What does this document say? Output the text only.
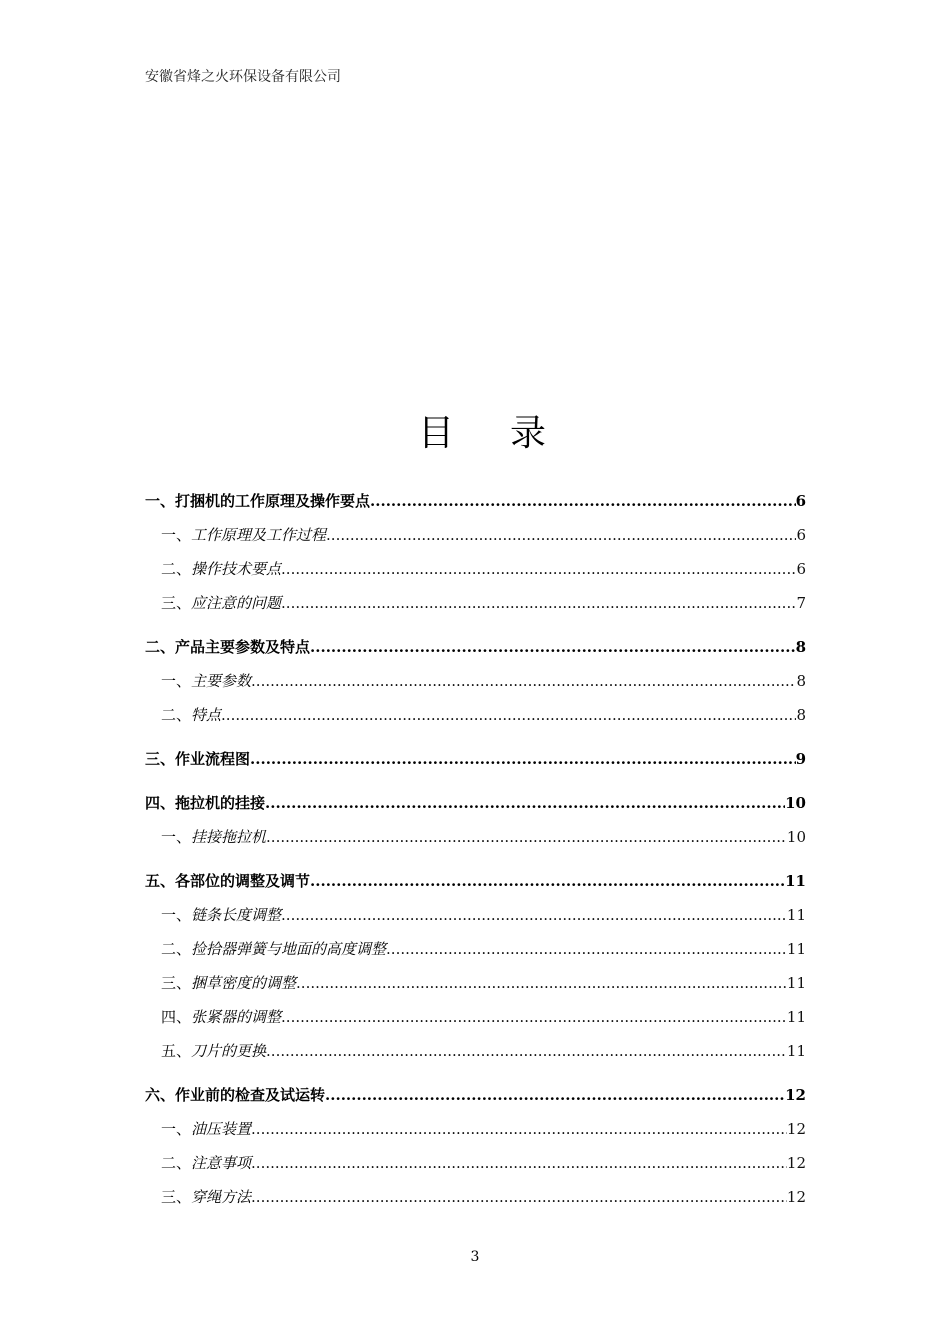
安徽省烽之火环保设备有限公司
目录
一、打捆机的工作原理及操作要点 .....	6
一、工作原理及工作过程 .....	6
二、操作技术要点 .....	6
三、应注意的问题 .....	7
二、产品主要参数及特点 .....	8
一、主要参数 .....	8
二、特点 .....	8
三、作业流程图 .....	9
四、拖拉机的挂接 .....	10
一、挂接拖拉机 .....	10
五、各部位的调整及调节 .....	11
一、链条长度调整 .....	11
二、捡拾器弹簧与地面的高度调整 .....	11
三、捆草密度的调整 .....	11
四、张紧器的调整 .....	11
五、刀片的更换 .....	11
六、作业前的检查及试运转 .....	12
一、油压装置 .....	12
二、注意事项 .....	12
三、穿绳方法 .....	12
3
